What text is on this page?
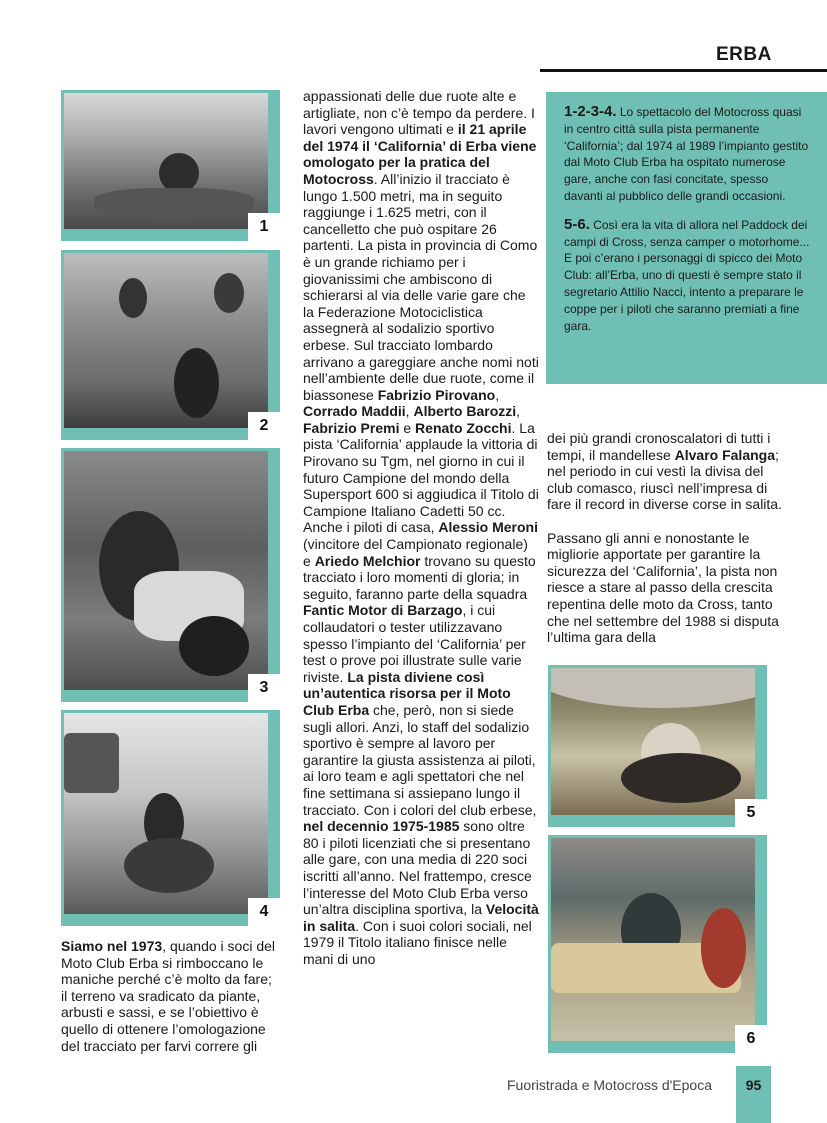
ERBA
1
2
3
4

Siamo nel 1973, quando i soci del Moto Club Erba si rimboccano le maniche perché c’è molto da fare; il terreno va sradicato da piante, arbusti e sassi, e se l’obiettivo è quello di ottenere l’omologazione del tracciato per farvi correre gli

appassionati delle due ruote alte e artigliate, non c’è tempo da perdere. I lavori vengono ultimati e il 21 aprile del 1974 il ‘California’ di Erba viene omologato per la pratica del Motocross. All’inizio il tracciato è lungo 1.500 metri, ma in seguito raggiunge i 1.625 metri, con il cancelletto che può ospitare 26 partenti. La pista in provincia di Como è un grande richiamo per i giovanissimi che ambiscono di schierarsi al via delle varie gare che la Federazione Motociclistica assegnerà al sodalizio sportivo erbese. Sul tracciato lombardo arrivano a gareggiare anche nomi noti nell’ambiente delle due ruote, come il biassonese Fabrizio Pirovano, Corrado Maddii, Alberto Barozzi, Fabrizio Premi e Renato Zocchi. La pista ‘California’ applaude la vittoria di Pirovano su Tgm, nel giorno in cui il futuro Campione del mondo della Supersport 600 si aggiudica il Titolo di Campione Italiano Cadetti 50 cc. Anche i piloti di casa, Alessio Meroni (vincitore del Campionato regionale) e Ariedo Melchior trovano su questo tracciato i loro momenti di gloria; in seguito, faranno parte della squadra Fantic Motor di Barzago, i cui collaudatori o tester utilizzavano spesso l’impianto del ‘California’ per test o prove poi illustrate sulle varie riviste. La pista diviene così un’autentica risorsa per il Moto Club Erba che, però, non si siede sugli allori. Anzi, lo staff del sodalizio sportivo è sempre al lavoro per garantire la giusta assistenza ai piloti, ai loro team e agli spettatori che nel fine settimana si assiepano lungo il tracciato. Con i colori del club erbese, nel decennio 1975-1985 sono oltre 80 i piloti licenziati che si presentano alle gare, con una media di 220 soci iscritti all’anno. Nel frattempo, cresce l’interesse del Moto Club Erba verso un’altra disciplina sportiva, la Velocità in salita. Con i suoi colori sociali, nel 1979 il Titolo italiano finisce nelle mani di uno

1-2-3-4. Lo spettacolo del Motocross quasi in centro città sulla pista permanente ‘California’; dal 1974 al 1989 l’impianto gestito dal Moto Club Erba ha ospitato numerose gare, anche con fasi concitate, spesso davanti al pubblico delle grandi occasioni.

5-6. Così era la vita di allora nel Paddock dei campi di Cross, senza camper o motorhome... E poi c’erano i personaggi di spicco dei Moto Club: all’Erba, uno di questi è sempre stato il segretario Attilio Nacci, intento a preparare le coppe per i piloti che saranno premiati a fine gara.

dei più grandi cronoscalatori di tutti i tempi, il mandellese Alvaro Falanga; nel periodo in cui vestì la divisa del club comasco, riuscì nell’impresa di fare il record in diverse corse in salita.

Passano gli anni e nonostante le migliorie apportate per garantire la sicurezza del ‘California’, la pista non riesce a stare al passo della crescita repentina delle moto da Cross, tanto che nel settembre del 1988 si disputa l’ultima gara della

5
6
Fuoristrada e Motocross d'Epoca	95
